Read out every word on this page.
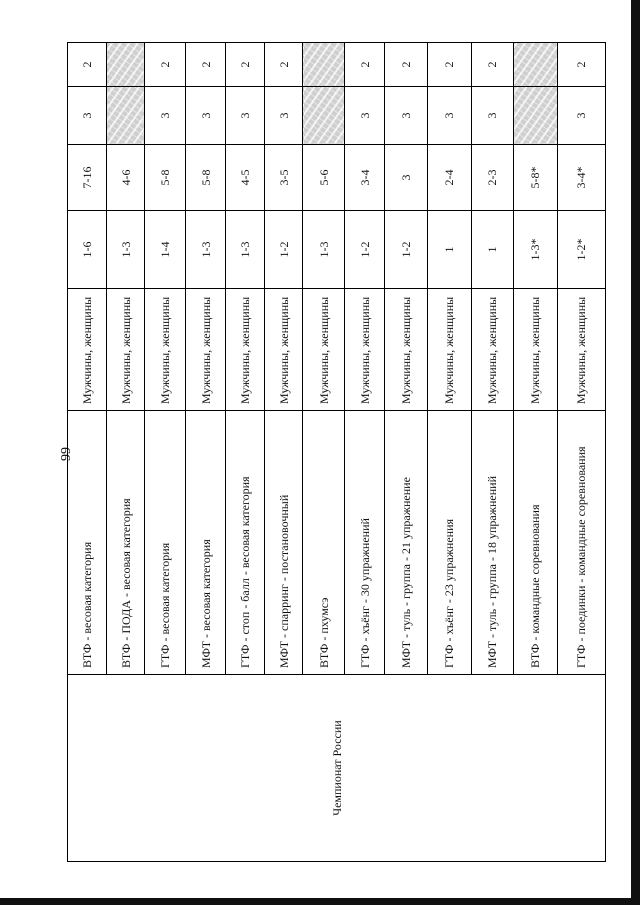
99
Чемпионат России	ВТФ - весовая категория	Мужчины, женщины	1-6	7-16	3	2
	ВТФ - ПОДА - весовая категория	Мужчины, женщины	1-3	4-6		
	ГТФ - весовая категория	Мужчины, женщины	1-4	5-8	3	2
	МФТ - весовая категория	Мужчины, женщины	1-3	5-8	3	2
	ГТФ - стоп - балл - весовая категория	Мужчины, женщины	1-3	4-5	3	2
	МФТ - спарринг - постановочный	Мужчины, женщины	1-2	3-5	3	2
	ВТФ - пхумсэ	Мужчины, женщины	1-3	5-6		
	ГТФ - хъёнг - 30 упражнений	Мужчины, женщины	1-2	3-4	3	2
	МФТ - туль - группа - 21 упражнение	Мужчины, женщины	1-2	3	3	2
	ГТФ - хъёнг - 23 упражнения	Мужчины, женщины	1	2-4	3	2
	МФТ - туль - группа - 18 упражнений	Мужчины, женщины	1	2-3	3	2
	ВТФ - командные соревнования	Мужчины, женщины	1-3*	5-8*		
	ГТФ - поединки - командные соревнования	Мужчины, женщины	1-2*	3-4*	3	2
